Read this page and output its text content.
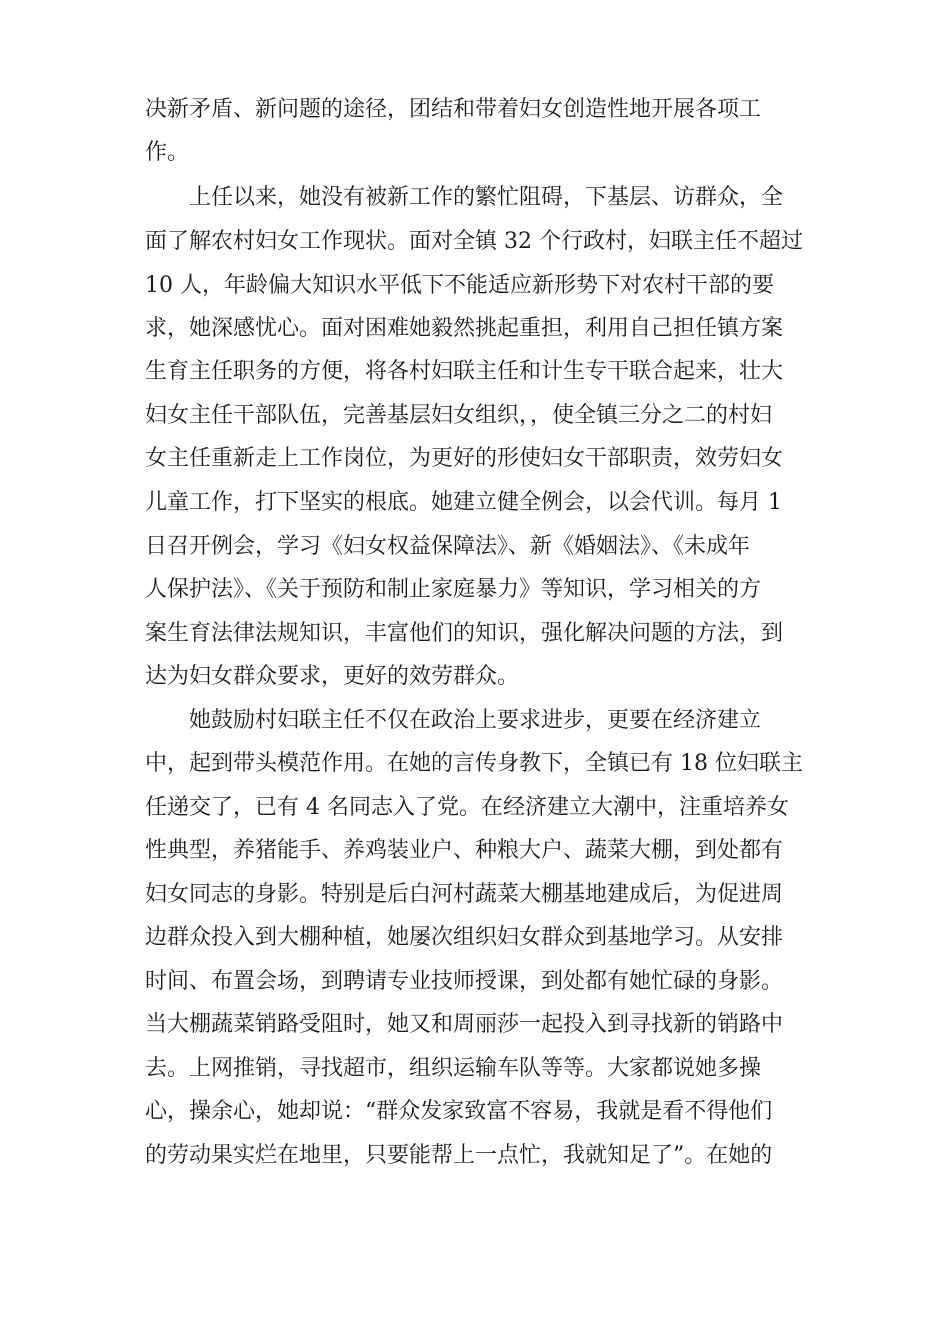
决新矛盾、新问题的途径，团结和带着妇女创造性地开展各项工

作。

　　上任以来，她没有被新工作的繁忙阻碍，下基层、访群众，全

面了解农村妇女工作现状。面对全镇 32 个行政村，妇联主任不超过

10 人，年龄偏大知识水平低下不能适应新形势下对农村干部的要

求，她深感忧心。面对困难她毅然挑起重担，利用自己担任镇方案

生育主任职务的方便，将各村妇联主任和计生专干联合起来，壮大

妇女主任干部队伍，完善基层妇女组织，，使全镇三分之二的村妇

女主任重新走上工作岗位，为更好的形使妇女干部职责，效劳妇女

儿童工作，打下坚实的根底。她建立健全例会，以会代训。每月 1

日召开例会，学习《妇女权益保障法》、新《婚姻法》、《未成年

人保护法》、《关于预防和制止家庭暴力》等知识，学习相关的方

案生育法律法规知识，丰富他们的知识，强化解决问题的方法，到

达为妇女群众要求，更好的效劳群众。

　　她鼓励村妇联主任不仅在政治上要求进步，更要在经济建立

中，起到带头模范作用。在她的言传身教下，全镇已有 18 位妇联主

任递交了，已有 4 名同志入了党。在经济建立大潮中，注重培养女

性典型，养猪能手、养鸡装业户、种粮大户、蔬菜大棚，到处都有

妇女同志的身影。特别是后白河村蔬菜大棚基地建成后，为促进周

边群众投入到大棚种植，她屡次组织妇女群众到基地学习。从安排

时间、布置会场，到聘请专业技师授课，到处都有她忙碌的身影。

当大棚蔬菜销路受阻时，她又和周丽莎一起投入到寻找新的销路中

去。上网推销，寻找超市，组织运输车队等等。大家都说她多操

心，操余心，她却说：“群众发家致富不容易，我就是看不得他们

的劳动果实烂在地里，只要能帮上一点忙，我就知足了”。在她的
